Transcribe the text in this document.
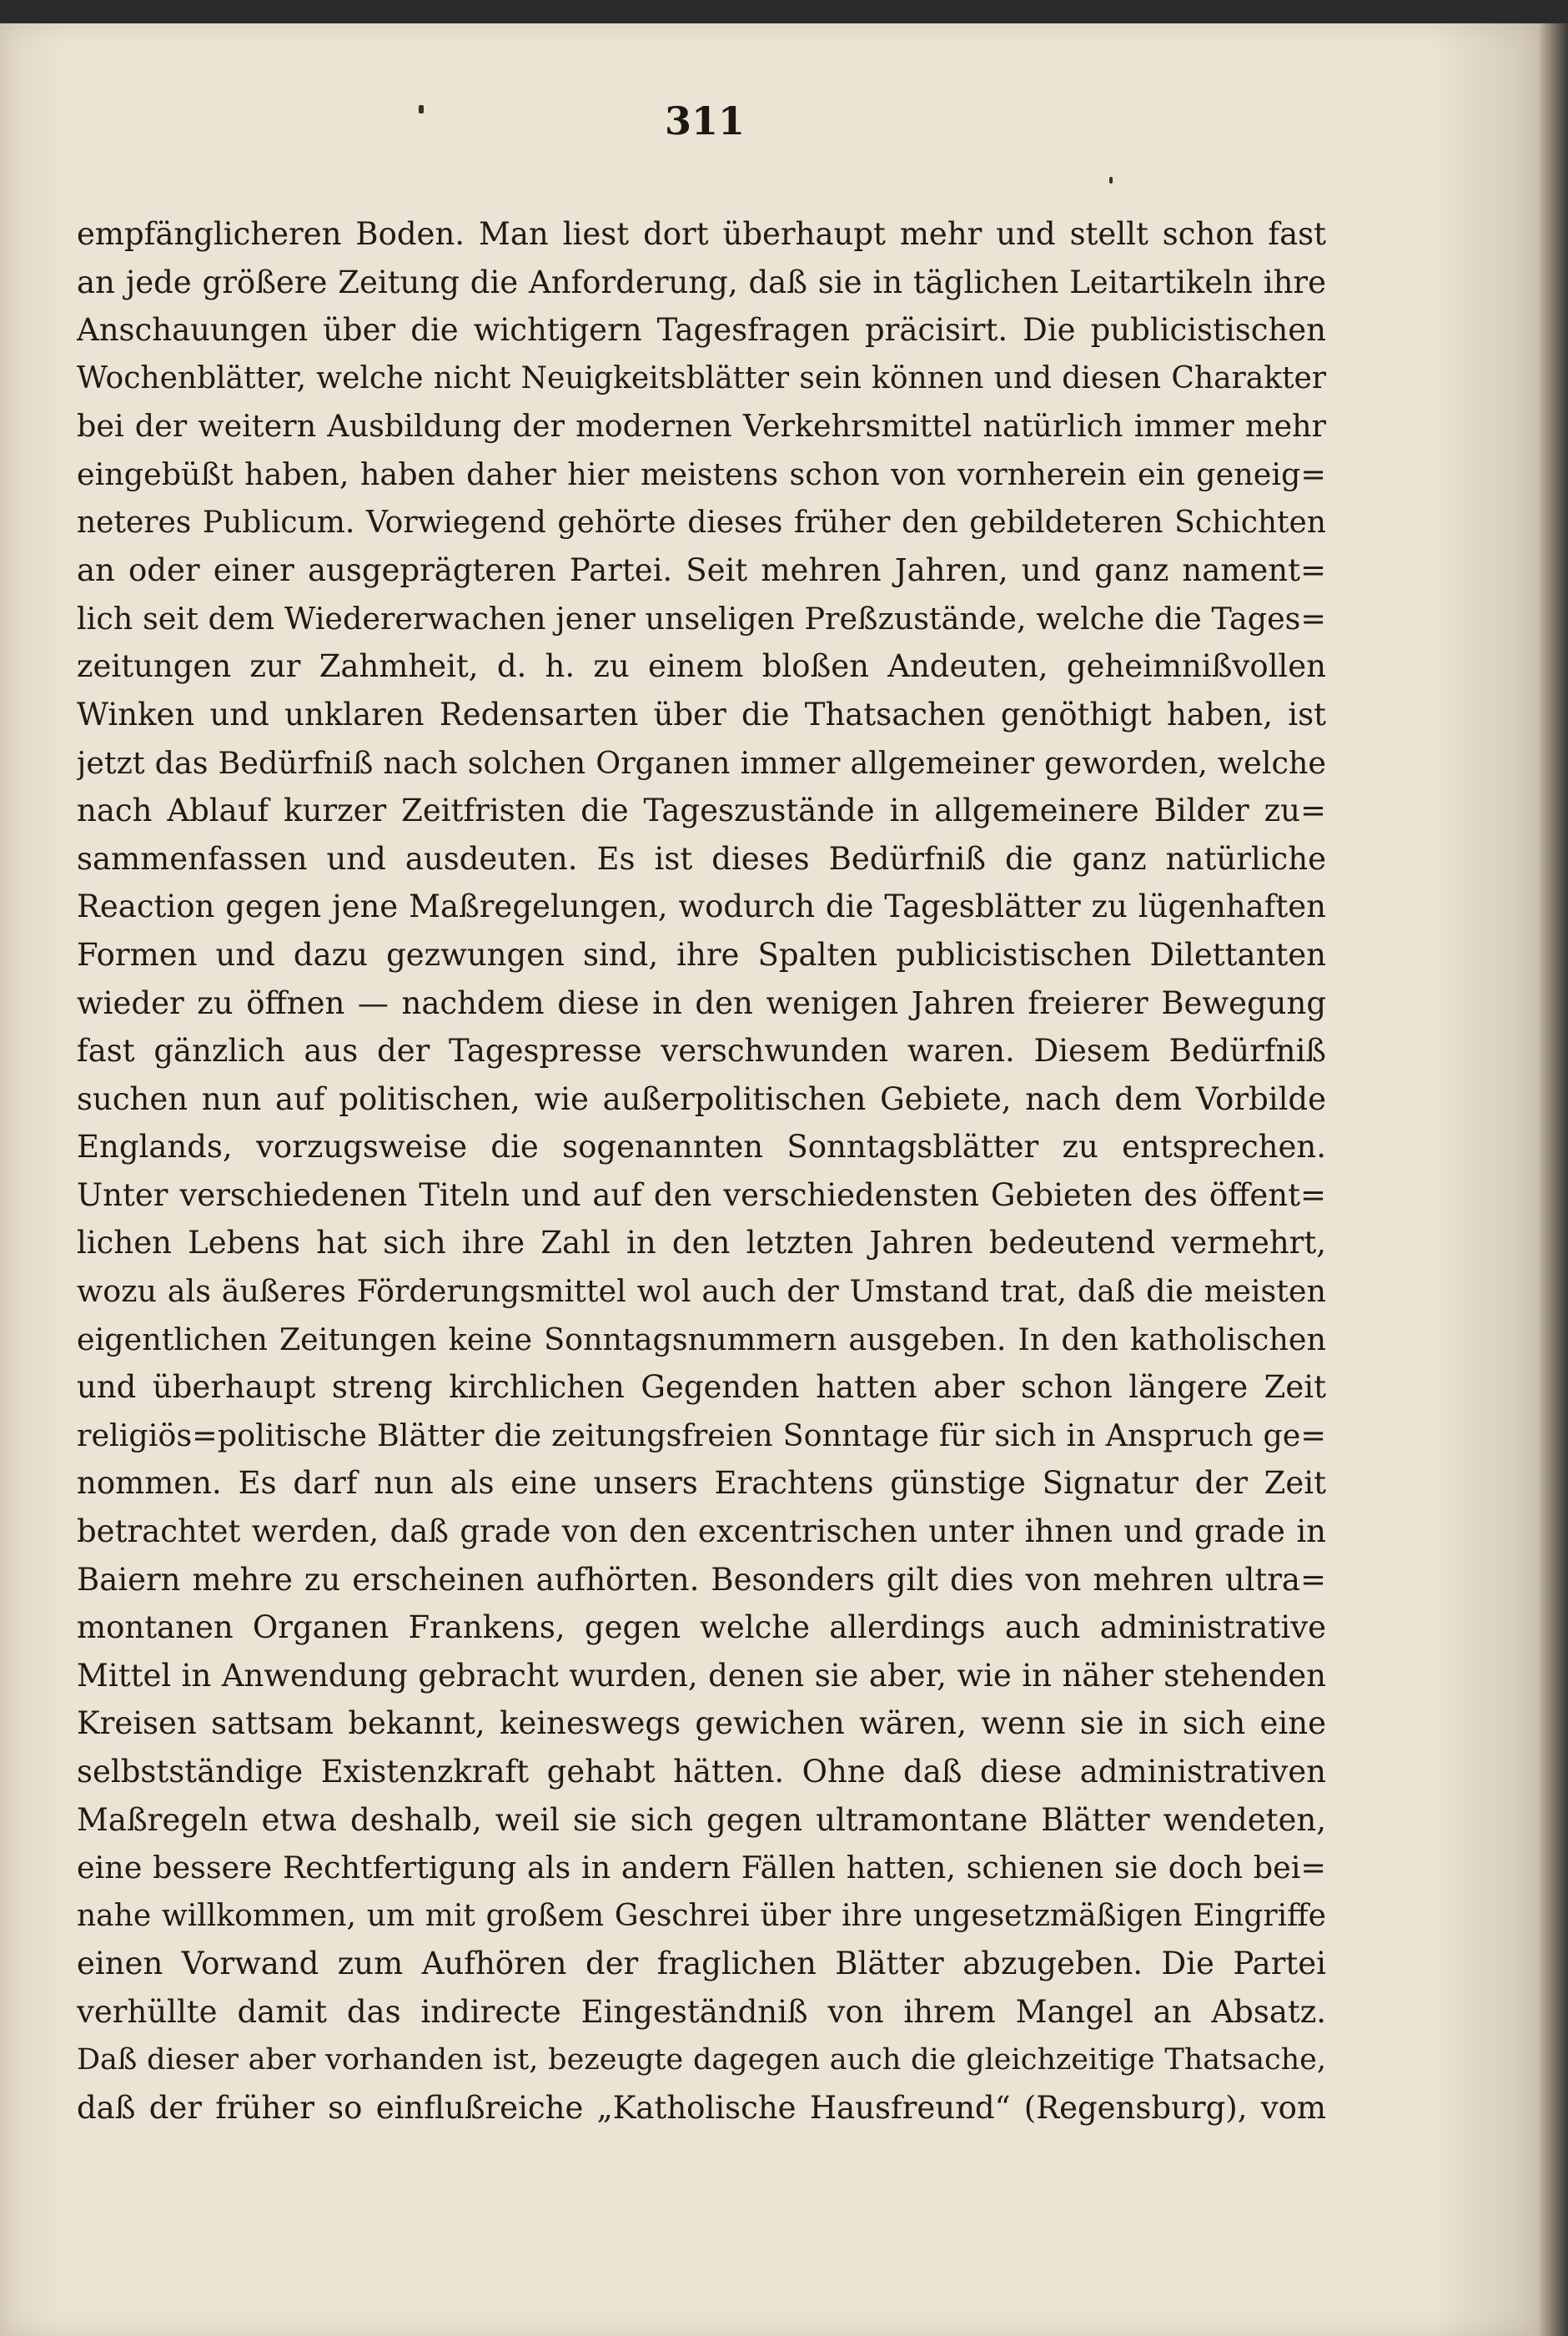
311
empfänglicheren Boden. Man liest dort überhaupt mehr und stellt schon fast
an jede größere Zeitung die Anforderung, daß sie in täglichen Leitartikeln ihre
Anschauungen über die wichtigern Tagesfragen präcisirt. Die publicistischen
Wochenblätter, welche nicht Neuigkeitsblätter sein können und diesen Charakter
bei der weitern Ausbildung der modernen Verkehrsmittel natürlich immer mehr
eingebüßt haben, haben daher hier meistens schon von vornherein ein geneig=
neteres Publicum. Vorwiegend gehörte dieses früher den gebildeteren Schichten
an oder einer ausgeprägteren Partei. Seit mehren Jahren, und ganz nament=
lich seit dem Wiedererwachen jener unseligen Preßzustände, welche die Tages=
zeitungen zur Zahmheit, d. h. zu einem bloßen Andeuten, geheimnißvollen
Winken und unklaren Redensarten über die Thatsachen genöthigt haben, ist
jetzt das Bedürfniß nach solchen Organen immer allgemeiner geworden, welche
nach Ablauf kurzer Zeitfristen die Tageszustände in allgemeinere Bilder zu=
sammenfassen und ausdeuten. Es ist dieses Bedürfniß die ganz natürliche
Reaction gegen jene Maßregelungen, wodurch die Tagesblätter zu lügenhaften
Formen und dazu gezwungen sind, ihre Spalten publicistischen Dilettanten
wieder zu öffnen — nachdem diese in den wenigen Jahren freierer Bewegung
fast gänzlich aus der Tagespresse verschwunden waren. Diesem Bedürfniß
suchen nun auf politischen, wie außerpolitischen Gebiete, nach dem Vorbilde
Englands, vorzugsweise die sogenannten Sonntagsblätter zu entsprechen.
Unter verschiedenen Titeln und auf den verschiedensten Gebieten des öffent=
lichen Lebens hat sich ihre Zahl in den letzten Jahren bedeutend vermehrt,
wozu als äußeres Förderungsmittel wol auch der Umstand trat, daß die meisten
eigentlichen Zeitungen keine Sonntagsnummern ausgeben. In den katholischen
und überhaupt streng kirchlichen Gegenden hatten aber schon längere Zeit
religiös=politische Blätter die zeitungsfreien Sonntage für sich in Anspruch ge=
nommen. Es darf nun als eine unsers Erachtens günstige Signatur der Zeit
betrachtet werden, daß grade von den excentrischen unter ihnen und grade in
Baiern mehre zu erscheinen aufhörten. Besonders gilt dies von mehren ultra=
montanen Organen Frankens, gegen welche allerdings auch administrative
Mittel in Anwendung gebracht wurden, denen sie aber, wie in näher stehenden
Kreisen sattsam bekannt, keineswegs gewichen wären, wenn sie in sich eine
selbstständige Existenzkraft gehabt hätten. Ohne daß diese administrativen
Maßregeln etwa deshalb, weil sie sich gegen ultramontane Blätter wendeten,
eine bessere Rechtfertigung als in andern Fällen hatten, schienen sie doch bei=
nahe willkommen, um mit großem Geschrei über ihre ungesetzmäßigen Eingriffe
einen Vorwand zum Aufhören der fraglichen Blätter abzugeben. Die Partei
verhüllte damit das indirecte Eingeständniß von ihrem Mangel an Absatz.
Daß dieser aber vorhanden ist, bezeugte dagegen auch die gleichzeitige Thatsache,
daß der früher so einflußreiche „Katholische Hausfreund“ (Regensburg), vom
